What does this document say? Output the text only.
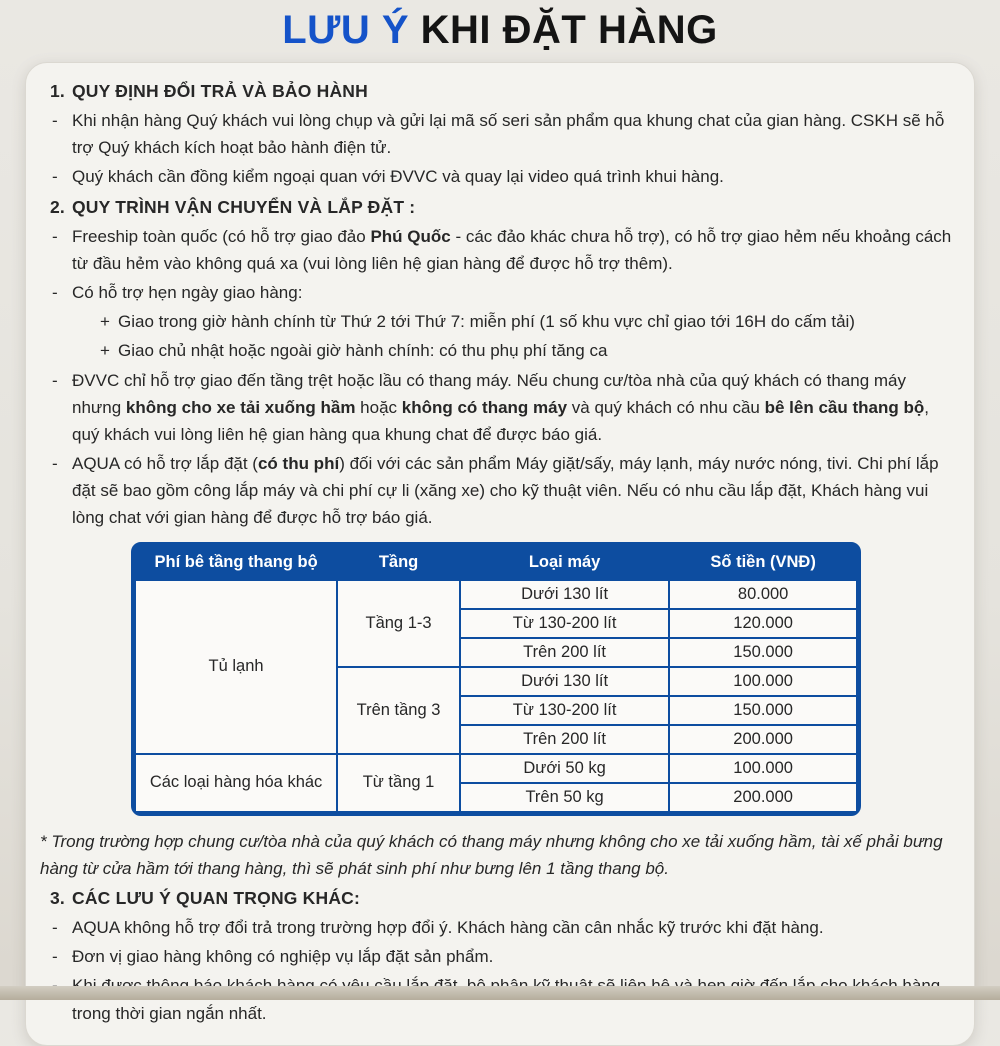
LƯU Ý KHI ĐẶT HÀNG
1. QUY ĐỊNH ĐỔI TRẢ VÀ BẢO HÀNH
- Khi nhận hàng Quý khách vui lòng chụp và gửi lại mã số seri sản phẩm qua khung chat của gian hàng. CSKH sẽ hỗ trợ Quý khách kích hoạt bảo hành điện tử.
- Quý khách cần đồng kiểm ngoại quan với ĐVVC và quay lại video quá trình khui hàng.
2. QUY TRÌNH VẬN CHUYỂN VÀ LẮP ĐẶT :
- Freeship toàn quốc (có hỗ trợ giao đảo Phú Quốc - các đảo khác chưa hỗ trợ), có hỗ trợ giao hẻm nếu khoảng cách từ đầu hẻm vào không quá xa (vui lòng liên hệ gian hàng để được hỗ trợ thêm).
- Có hỗ trợ hẹn ngày giao hàng:
+ Giao trong giờ hành chính từ Thứ 2 tới Thứ 7: miễn phí (1 số khu vực chỉ giao tới 16H do cấm tải)
+ Giao chủ nhật hoặc ngoài giờ hành chính: có thu phụ phí tăng ca
- ĐVVC chỉ hỗ trợ giao đến tầng trệt hoặc lầu có thang máy. Nếu chung cư/tòa nhà của quý khách có thang máy nhưng không cho xe tải xuống hầm hoặc không có thang máy và quý khách có nhu cầu bê lên cầu thang bộ, quý khách vui lòng liên hệ gian hàng qua khung chat để được báo giá.
- AQUA có hỗ trợ lắp đặt (có thu phí) đối với các sản phẩm Máy giặt/sấy, máy lạnh, máy nước nóng, tivi. Chi phí lắp đặt sẽ bao gồm công lắp máy và chi phí cự li (xăng xe) cho kỹ thuật viên. Nếu có nhu cầu lắp đặt, Khách hàng vui lòng chat với gian hàng để được hỗ trợ báo giá.
Phí bê tầng thang bộ	Tầng	Loại máy	Số tiền (VNĐ)
Tủ lạnh	Tầng 1-3	Dưới 130 lít	80.000
		Từ 130-200 lít	120.000
		Trên 200 lít	150.000
	Trên tầng 3	Dưới 130 lít	100.000
		Từ 130-200 lít	150.000
		Trên 200 lít	200.000
Các loại hàng hóa khác	Từ tầng 1	Dưới 50 kg	100.000
		Trên 50 kg	200.000
* Trong trường hợp chung cư/tòa nhà của quý khách có thang máy nhưng không cho xe tải xuống hầm, tài xế phải bưng hàng từ cửa hầm tới thang hàng, thì sẽ phát sinh phí như bưng lên 1 tầng thang bộ.
3. CÁC LƯU Ý QUAN TRỌNG KHÁC:
- AQUA không hỗ trợ đổi trả trong trường hợp đổi ý. Khách hàng cần cân nhắc kỹ trước khi đặt hàng.
- Đơn vị giao hàng không có nghiệp vụ lắp đặt sản phẩm.
trong thời gian ngắn nhất.
